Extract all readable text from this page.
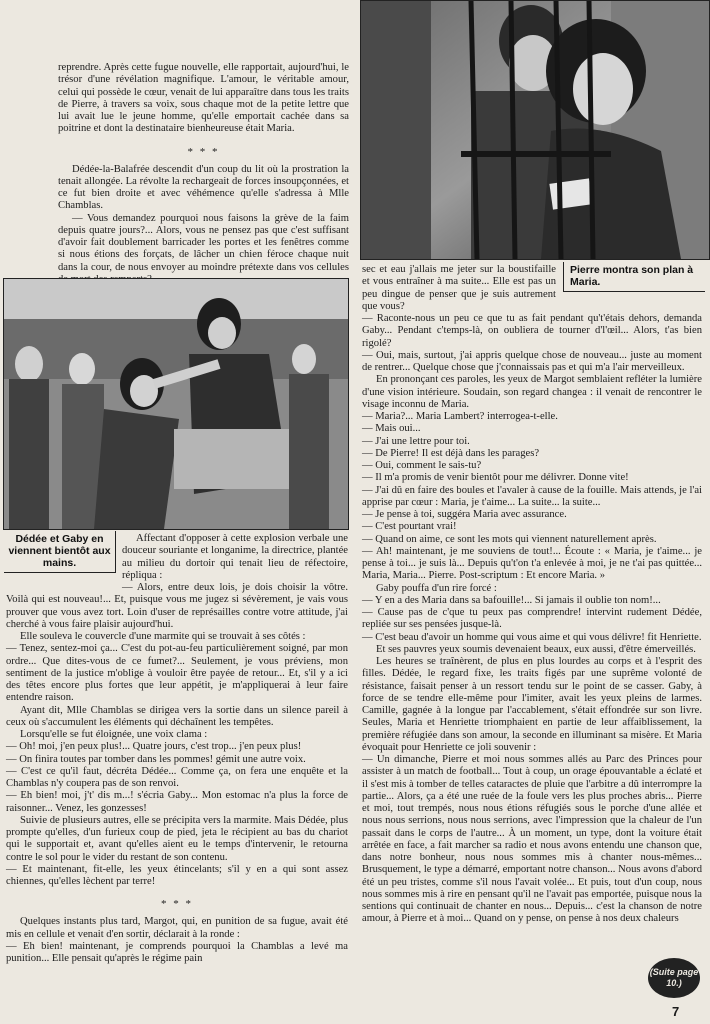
reprendre. Après cette fugue nouvelle, elle rapportait, aujourd'hui, le trésor d'une révélation magnifique. L'amour, le véritable amour, celui qui possède le cœur, venait de lui apparaître dans tous les traits de Pierre, à travers sa voix, sous chaque mot de la petite lettre que lui avait lue le jeune homme, qu'elle emportait cachée dans sa poitrine et dont la destinataire bienheureuse était Maria.

* * *

Dédée-la-Balafrée descendit d'un coup du lit où la prostration la tenait allongée. La révolte la rechargeait de forces insoupçonnées, et ce fut bien droite et avec véhémence qu'elle s'adressa à Mlle Chamblas.

— Vous demandez pourquoi nous faisons la grève de la faim depuis quatre jours?... Alors, vous ne pensez pas que c'est suffisant d'avoir fait doublement barricader les portes et les fenêtres comme si nous étions des forçats, de lâcher un chien féroce chaque nuit dans la cour, de nous envoyer au moindre prétexte dans vos cellules

Dédée et Gaby en viennent bientôt aux mains.
Pierre montra son plan à Maria.

Affectant d'opposer à cette explosion verbale une douceur souriante et longanime, la directrice, plantée au milieu du dortoir qui tenait lieu de réfectoire, répliqua :

— Alors, entre deux lois, je dois choisir la vôtre. Voilà qui est nouveau!... Et, puisque vous me jugez si sévèrement, je vais vous prouver que vous avez tort. Loin d'user de représailles contre votre attitude, j'ai cherché à vous faire plaisir aujourd'hui.

Elle souleva le couvercle d'une marmite qui se trouvait à ses côtés :

— Tenez, sentez-moi ça... C'est du pot-au-feu particulièrement soigné, par mon ordre... Que dites-vous de ce fumet?... Seulement, je vous préviens, mon sentiment de la justice m'oblige à vouloir être payée de retour... Et, s'il y a ici des têtes encore plus fortes que leur appétit, je m'appliquerai à leur faire entendre raison.

Ayant dit, Mlle Chamblas se dirigea vers la sortie dans un silence pareil à ceux où s'accumulent les éléments qui déchaînent les tempêtes.

Lorsqu'elle se fut éloignée, une voix clama :

— Oh! moi, j'en peux plus!... Quatre jours, c'est trop... j'en peux plus!

— On finira toutes par tomber dans les pommes! gémit une autre voix.

— C'est ce qu'il faut, décréta Dédée... Comme ça, on fera une enquête et la Chamblas n'y coupera pas de son renvoi.

— Eh bien! moi, j't' dis m...! s'écria Gaby... Mon estomac n'a plus la force de raisonner... Venez, les gonzesses!

Suivie de plusieurs autres, elle se précipita vers la marmite. Mais Dédée, plus prompte qu'elles, d'un furieux coup de pied, jeta le récipient au bas du chariot qui le supportait et, avant qu'elles aient eu le temps d'intervenir, le retourna contre le sol pour le vider du restant de son contenu.

— Et maintenant, fit-elle, les yeux étincelants; s'il y en a qui sont assez chiennes, qu'elles lèchent par terre!

* * *

Quelques instants plus tard, Margot, qui, en punition de sa fugue, avait été mis en cellule et venait d'en sortir, déclarait à la ronde :

— Eh bien! maintenant, je comprends pourquoi la Chamblas a levé ma punition... Elle pensait qu'après le régime pain

sec et eau j'allais me jeter sur la boustifaille et vous entraîner à ma suite... Elle est pas un peu dingue de penser que je suis autrement que vous?

— Raconte-nous un peu ce que tu as fait pendant qu't'étais dehors, demanda Gaby... Pendant c'temps-là, on oubliera de tourner d'l'œil... Alors, t'as bien rigolé?

— Oui, mais, surtout, j'ai appris quelque chose de nouveau... juste au moment de rentrer... Quelque chose que j'connaissais pas et qui m'a l'air merveilleux.

En prononçant ces paroles, les yeux de Margot semblaient refléter la lumière d'une vision intérieure. Soudain, son regard changea : il venait de rencontrer le visage inconnu de Maria.

— Maria?... Maria Lambert? interrogea-t-elle.

— Mais oui...

— J'ai une lettre pour toi.

— De Pierre! Il est déjà dans les parages?

— Oui, comment le sais-tu?

— Il m'a promis de venir bientôt pour me délivrer. Donne vite!

— J'ai dû en faire des boules et l'avaler à cause de la fouille. Mais attends, je l'ai apprise par cœur : Maria, je t'aime... La suite... la suite...

— Je pense à toi, suggéra Maria avec assurance.

— C'est pourtant vrai!

— Quand on aime, ce sont les mots qui viennent naturellement après.

— Ah! maintenant, je me souviens de tout!... Écoute : « Maria, je t'aime... je pense à toi... je suis là... Depuis qu't'on t'a enlevée à moi, je ne t'ai pas quittée... Maria, Maria... Pierre. Post-scriptum : Et encore Maria. »

Gaby pouffa d'un rire forcé :

— Y en a des Maria dans sa bafouille!... Si jamais il oublie ton nom!...

— Cause pas de c'que tu peux pas comprendre! intervint rudement Dédée, repliée sur ses pensées jusque-là.

— C'est beau d'avoir un homme qui vous aime et qui vous délivre! fit Henriette.

Et ses pauvres yeux soumis devenaient beaux, eux aussi, d'être émerveillés.

Les heures se traînèrent, de plus en plus lourdes au corps et à l'esprit des filles. Dédée, le regard fixe, les traits figés par une suprême volonté de résistance, faisait penser à un ressort tendu sur le point de se casser. Gaby, à force de se tendre elle-même pour l'imiter, avait les yeux pleins de larmes. Camille, gagnée à la longue par l'accablement, s'était effondrée sur son livre. Seules, Maria et Henriette triomphaient en partie de leur affaiblissement, la première réfugiée dans son amour, la seconde en illuminant sa misère. Et Maria évoquait pour Henriette ce joli souvenir :

— Un dimanche, Pierre et moi nous sommes allés au Parc des Princes pour assister à un match de football... Tout à coup, un orage épouvantable a éclaté et il s'est mis à tomber de telles cataractes de pluie que l'arbitre a dû interrompre la partie... Alors, ça a été une ruée de la foule vers les plus proches abris... Pierre et moi, tout trempés, nous nous étions réfugiés sous le porche d'une allée et nous nous serrions, nous nous serrions, avec l'impression que la chaleur de l'un passait dans le corps de l'autre... À un moment, un type, dont la voiture était arrêtée en face, a fait marcher sa radio et nous avons entendu une chanson que, dans notre bonheur, nous nous sommes mis à chanter nous-mêmes... Brusquement, le type a démarré, emportant notre chanson... Nous avons d'abord été un peu tristes, comme s'il nous l'avait volée... Et puis, tout d'un coup, nous nous sommes mis à rire en pensant qu'il ne l'avait pas emportée, puisque nous la sentions qui continuait de chanter en nous... Depuis... c'est la chanson de notre amour, à Pierre et à moi... Quand on y pense, on pense à nos deux chaleurs

(Suite page 10.)
7
